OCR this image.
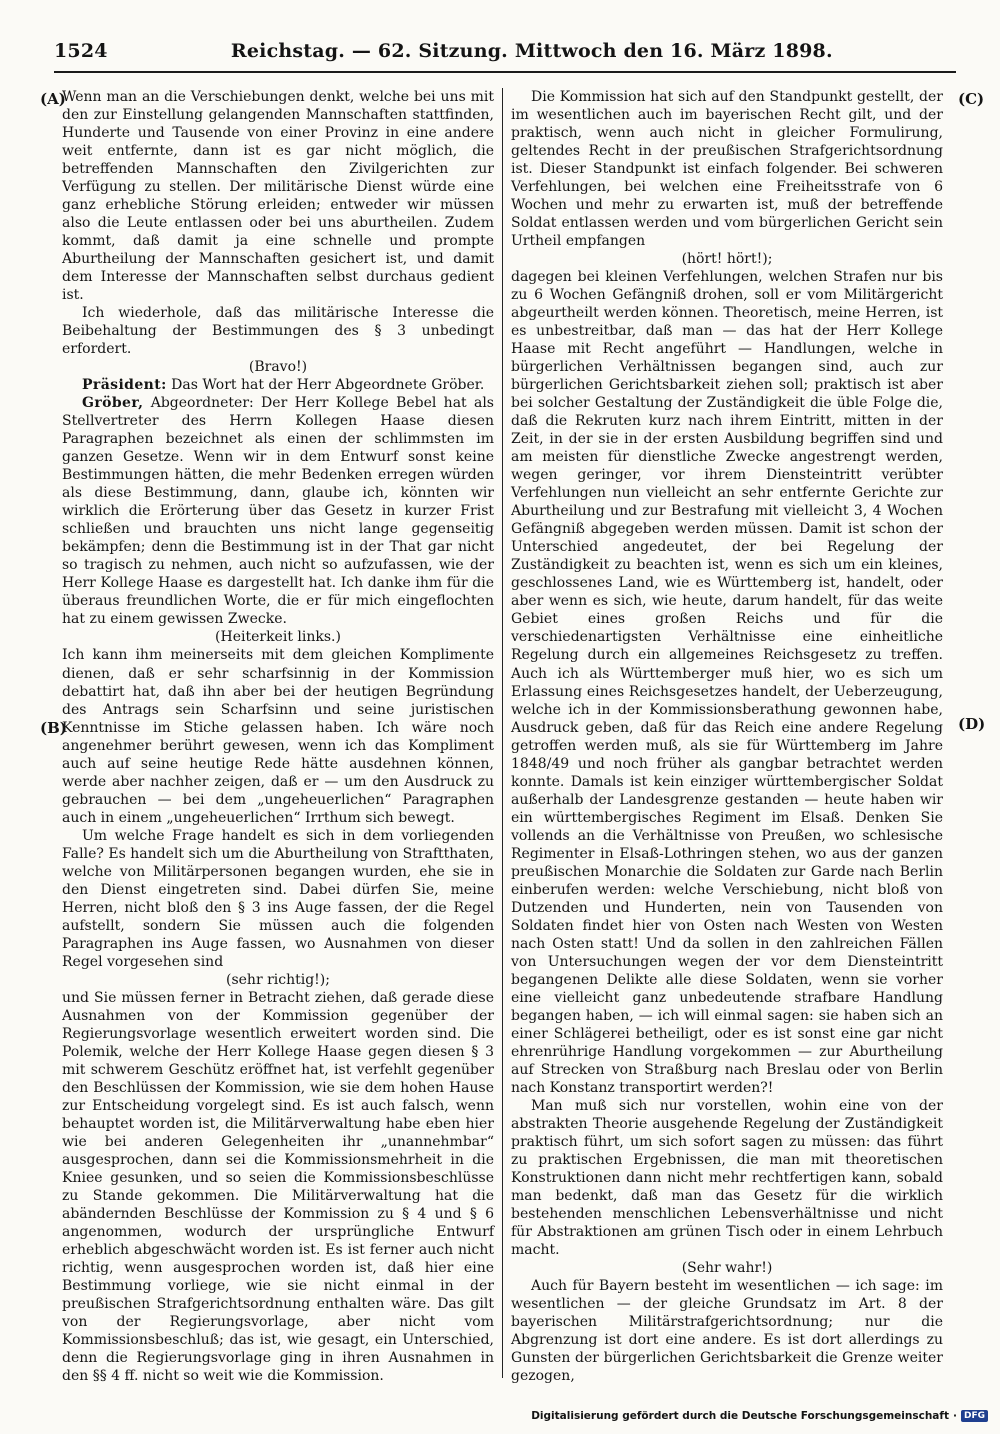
1524	Reichstag. — 62. Sitzung. Mittwoch den 16. März 1898.
(A)
(B)
(C)
(D)

Wenn man an die Verschiebungen denkt, welche bei uns mit den zur Einstellung gelangenden Mannschaften stattfinden, Hunderte und Tausende von einer Provinz in eine andere weit entfernte, dann ist es gar nicht möglich, die betreffenden Mannschaften den Zivilgerichten zur Verfügung zu stellen. Der militärische Dienst würde eine ganz erhebliche Störung erleiden; entweder wir müssen also die Leute entlassen oder bei uns aburtheilen. Zudem kommt, daß damit ja eine schnelle und prompte Aburtheilung der Mannschaften gesichert ist, und damit dem Interesse der Mannschaften selbst durchaus gedient ist.

Ich wiederhole, daß das militärische Interesse die Beibehaltung der Bestimmungen des § 3 unbedingt erfordert.

(Bravo!)

Präsident: Das Wort hat der Herr Abgeordnete Gröber.

Gröber, Abgeordneter: Der Herr Kollege Bebel hat als Stellvertreter des Herrn Kollegen Haase diesen Paragraphen bezeichnet als einen der schlimmsten im ganzen Gesetze. Wenn wir in dem Entwurf sonst keine Bestimmungen hätten, die mehr Bedenken erregen würden als diese Bestimmung, dann, glaube ich, könnten wir wirklich die Erörterung über das Gesetz in kurzer Frist schließen und brauchten uns nicht lange gegenseitig bekämpfen; denn die Bestimmung ist in der That gar nicht so tragisch zu nehmen, auch nicht so aufzufassen, wie der Herr Kollege Haase es dargestellt hat. Ich danke ihm für die überaus freundlichen Worte, die er für mich eingeflochten hat zu einem gewissen Zwecke.

(Heiterkeit links.)

Ich kann ihm meinerseits mit dem gleichen Komplimente dienen, daß er sehr scharfsinnig in der Kommission debattirt hat, daß ihn aber bei der heutigen Begründung des Antrags sein Scharfsinn und seine juristischen Kenntnisse im Stiche gelassen haben. Ich wäre noch angenehmer berührt gewesen, wenn ich das Kompliment auch auf seine heutige Rede hätte ausdehnen können, werde aber nachher zeigen, daß er — um den Ausdruck zu gebrauchen — bei dem „ungeheuerlichen“ Paragraphen auch in einem „ungeheuerlichen“ Irrthum sich bewegt.

Um welche Frage handelt es sich in dem vorliegenden Falle? Es handelt sich um die Aburtheilung von Straftthaten, welche von Militärpersonen begangen wurden, ehe sie in den Dienst eingetreten sind. Dabei dürfen Sie, meine Herren, nicht bloß den § 3 ins Auge fassen, der die Regel aufstellt, sondern Sie müssen auch die folgenden Paragraphen ins Auge fassen, wo Ausnahmen von dieser Regel vorgesehen sind

(sehr richtig!);

und Sie müssen ferner in Betracht ziehen, daß gerade diese Ausnahmen von der Kommission gegenüber der Regierungsvorlage wesentlich erweitert worden sind. Die Polemik, welche der Herr Kollege Haase gegen diesen § 3 mit schwerem Geschütz eröffnet hat, ist verfehlt gegenüber den Beschlüssen der Kommission, wie sie dem hohen Hause zur Entscheidung vorgelegt sind. Es ist auch falsch, wenn behauptet worden ist, die Militärverwaltung habe eben hier wie bei anderen Gelegenheiten ihr „unannehmbar“ ausgesprochen, dann sei die Kommissionsmehrheit in die Kniee gesunken, und so seien die Kommissionsbeschlüsse zu Stande gekommen. Die Militärverwaltung hat die abändernden Beschlüsse der Kommission zu § 4 und § 6 angenommen, wodurch der ursprüngliche Entwurf erheblich abgeschwächt worden ist. Es ist ferner auch nicht richtig, wenn ausgesprochen worden ist, daß hier eine Bestimmung vorliege, wie sie nicht einmal in der preußischen Strafgerichtsordnung enthalten wäre. Das gilt von der Regierungsvorlage, aber nicht vom Kommissionsbeschluß; das ist, wie gesagt, ein Unterschied, denn die Regierungsvorlage ging in ihren Ausnahmen in den §§ 4 ff. nicht so weit wie die Kommission.

Die Kommission hat sich auf den Standpunkt gestellt, der im wesentlichen auch im bayerischen Recht gilt, und der praktisch, wenn auch nicht in gleicher Formulirung, geltendes Recht in der preußischen Strafgerichtsordnung ist. Dieser Standpunkt ist einfach folgender. Bei schweren Verfehlungen, bei welchen eine Freiheitsstrafe von 6 Wochen und mehr zu erwarten ist, muß der betreffende Soldat entlassen werden und vom bürgerlichen Gericht sein Urtheil empfangen

(hört! hört!);

dagegen bei kleinen Verfehlungen, welchen Strafen nur bis zu 6 Wochen Gefängniß drohen, soll er vom Militärgericht abgeurtheilt werden können. Theoretisch, meine Herren, ist es unbestreitbar, daß man — das hat der Herr Kollege Haase mit Recht angeführt — Handlungen, welche in bürgerlichen Verhältnissen begangen sind, auch zur bürgerlichen Gerichtsbarkeit ziehen soll; praktisch ist aber bei solcher Gestaltung der Zuständigkeit die üble Folge die, daß die Rekruten kurz nach ihrem Eintritt, mitten in der Zeit, in der sie in der ersten Ausbildung begriffen sind und am meisten für dienstliche Zwecke angestrengt werden, wegen geringer, vor ihrem Diensteintritt verübter Verfehlungen nun vielleicht an sehr entfernte Gerichte zur Aburtheilung und zur Bestrafung mit vielleicht 3, 4 Wochen Gefängniß abgegeben werden müssen. Damit ist schon der Unterschied angedeutet, der bei Regelung der Zuständigkeit zu beachten ist, wenn es sich um ein kleines, geschlossenes Land, wie es Württemberg ist, handelt, oder aber wenn es sich, wie heute, darum handelt, für das weite Gebiet eines großen Reichs und für die verschiedenartigsten Verhältnisse eine einheitliche Regelung durch ein allgemeines Reichsgesetz zu treffen. Auch ich als Württemberger muß hier, wo es sich um Erlassung eines Reichsgesetzes handelt, der Ueberzeugung, welche ich in der Kommissionsberathung gewonnen habe, Ausdruck geben, daß für das Reich eine andere Regelung getroffen werden muß, als sie für Württemberg im Jahre 1848/49 und noch früher als gangbar betrachtet werden konnte. Damals ist kein einziger württembergischer Soldat außerhalb der Landesgrenze gestanden — heute haben wir ein württembergisches Regiment im Elsaß. Denken Sie vollends an die Verhältnisse von Preußen, wo schlesische Regimenter in Elsaß-Lothringen stehen, wo aus der ganzen preußischen Monarchie die Soldaten zur Garde nach Berlin einberufen werden: welche Verschiebung, nicht bloß von Dutzenden und Hunderten, nein von Tausenden von Soldaten findet hier von Osten nach Westen von Westen nach Osten statt! Und da sollen in den zahlreichen Fällen von Untersuchungen wegen der vor dem Diensteintritt begangenen Delikte alle diese Soldaten, wenn sie vorher eine vielleicht ganz unbedeutende strafbare Handlung begangen haben, — ich will einmal sagen: sie haben sich an einer Schlägerei betheiligt, oder es ist sonst eine gar nicht ehrenrührige Handlung vorgekommen — zur Aburtheilung auf Strecken von Straßburg nach Breslau oder von Berlin nach Konstanz transportirt werden?!

Man muß sich nur vorstellen, wohin eine von der abstrakten Theorie ausgehende Regelung der Zuständigkeit praktisch führt, um sich sofort sagen zu müssen: das führt zu praktischen Ergebnissen, die man mit theoretischen Konstruktionen dann nicht mehr rechtfertigen kann, sobald man bedenkt, daß man das Gesetz für die wirklich bestehenden menschlichen Lebensverhältnisse und nicht für Abstraktionen am grünen Tisch oder in einem Lehrbuch macht.

(Sehr wahr!)

Auch für Bayern besteht im wesentlichen — ich sage: im wesentlichen — der gleiche Grundsatz im Art. 8 der bayerischen Militärstrafgerichtsordnung; nur die Abgrenzung ist dort eine andere. Es ist dort allerdings zu Gunsten der bürgerlichen Gerichtsbarkeit die Grenze weiter gezogen,

Digitalisierung gefördert durch die Deutsche Forschungsgemeinschaft · DFG
